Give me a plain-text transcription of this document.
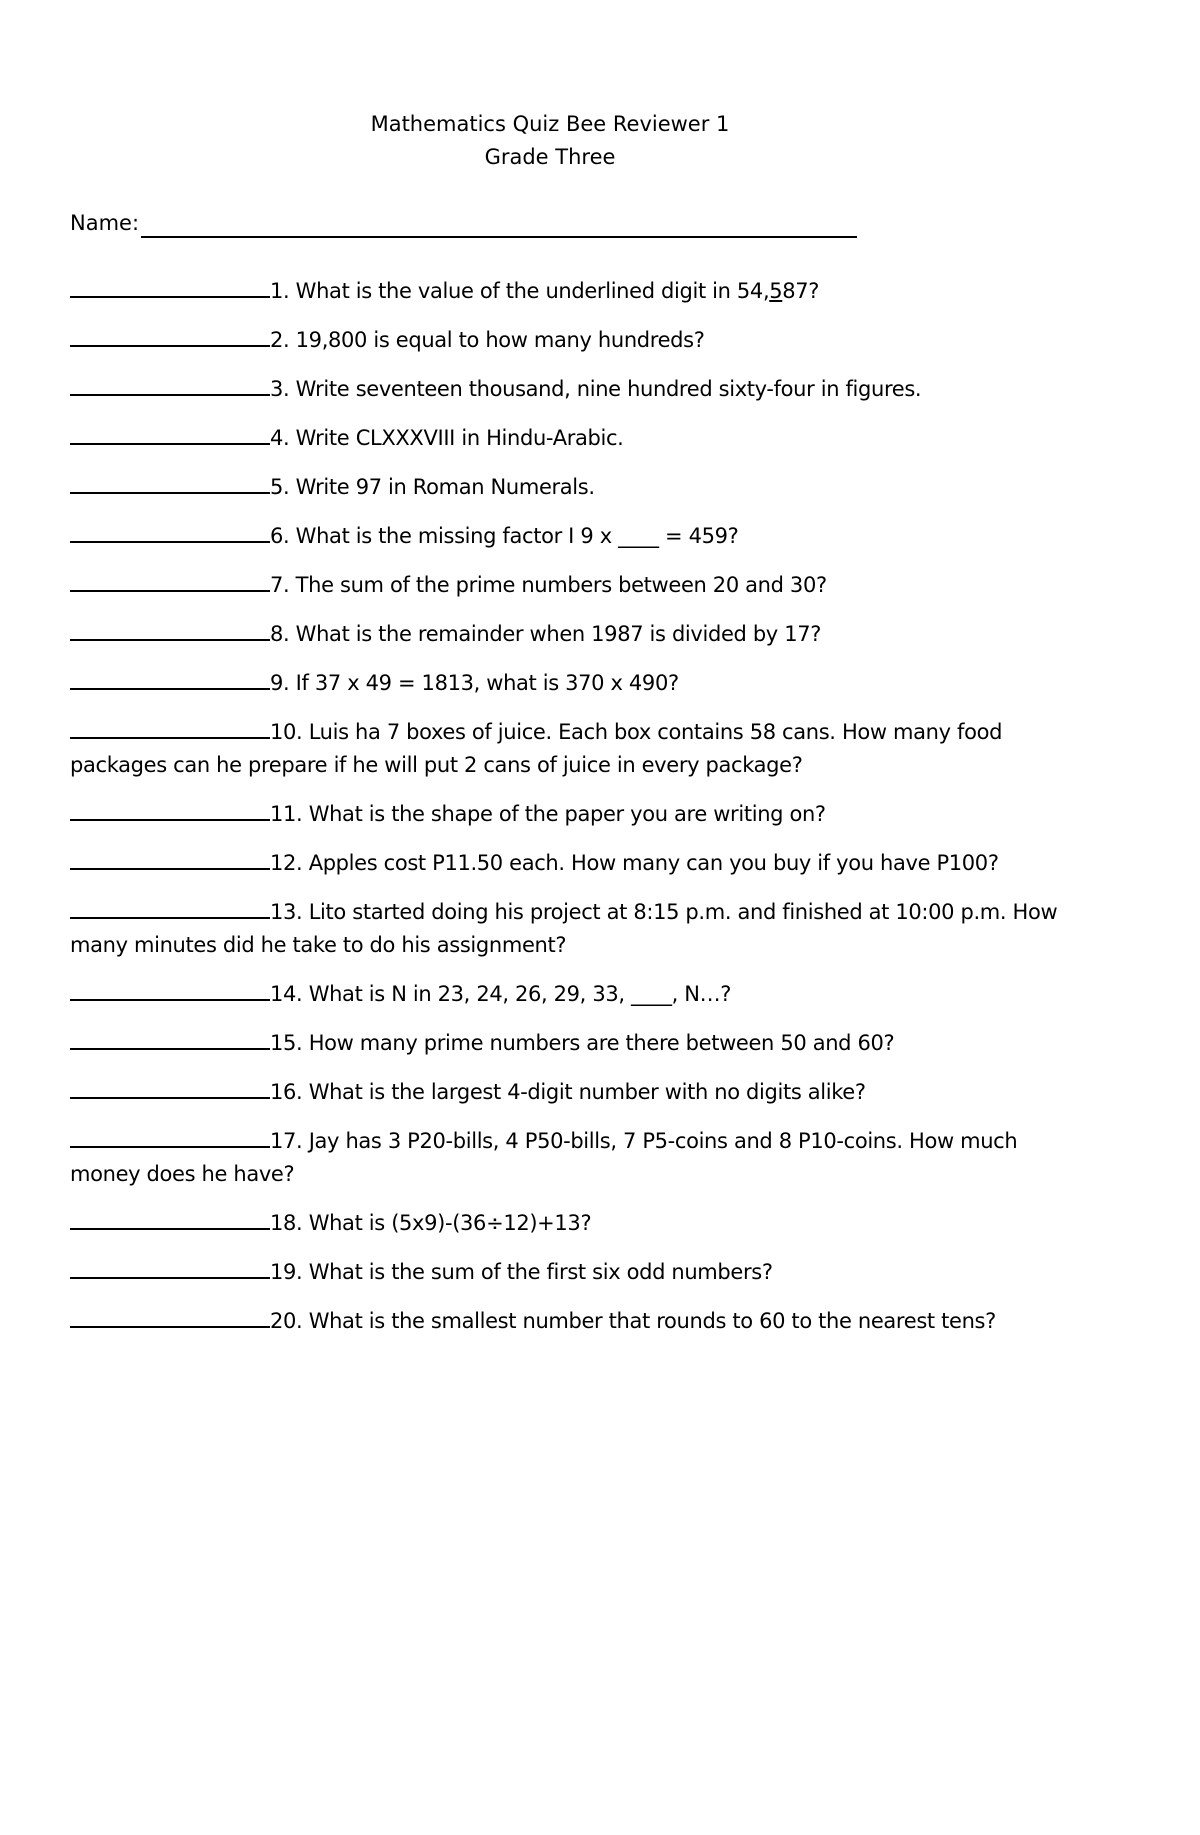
Mathematics Quiz Bee Reviewer 1
Grade Three
Name:
1. What is the value of the underlined digit in 54,587?
2. 19,800 is equal to how many hundreds?
3. Write seventeen thousand, nine hundred sixty-four in figures.
4. Write CLXXXVIII in Hindu-Arabic.
5. Write 97 in Roman Numerals.
6. What is the missing factor I 9 x ____ = 459?
7. The sum of the prime numbers between 20 and 30?
8. What is the remainder when 1987 is divided by 17?
9. If 37 x 49 = 1813, what is 370 x 490?
10. Luis ha 7 boxes of juice. Each box contains 58 cans. How many food packages can he prepare if he will put 2 cans of juice in every package?
11. What is the shape of the paper you are writing on?
12. Apples cost P11.50 each. How many can you buy if you have P100?
13. Lito started doing his project at 8:15 p.m. and finished at 10:00 p.m. How many minutes did he take to do his assignment?
14. What is N in 23, 24, 26, 29, 33, ____, N…?
15. How many prime numbers are there between 50 and 60?
16. What is the largest 4-digit number with no digits alike?
17. Jay has 3 P20-bills, 4 P50-bills, 7 P5-coins and 8 P10-coins. How much money does he have?
18. What is (5x9)-(36÷12)+13?
19. What is the sum of the first six odd numbers?
20. What is the smallest number that rounds to 60 to the nearest tens?
